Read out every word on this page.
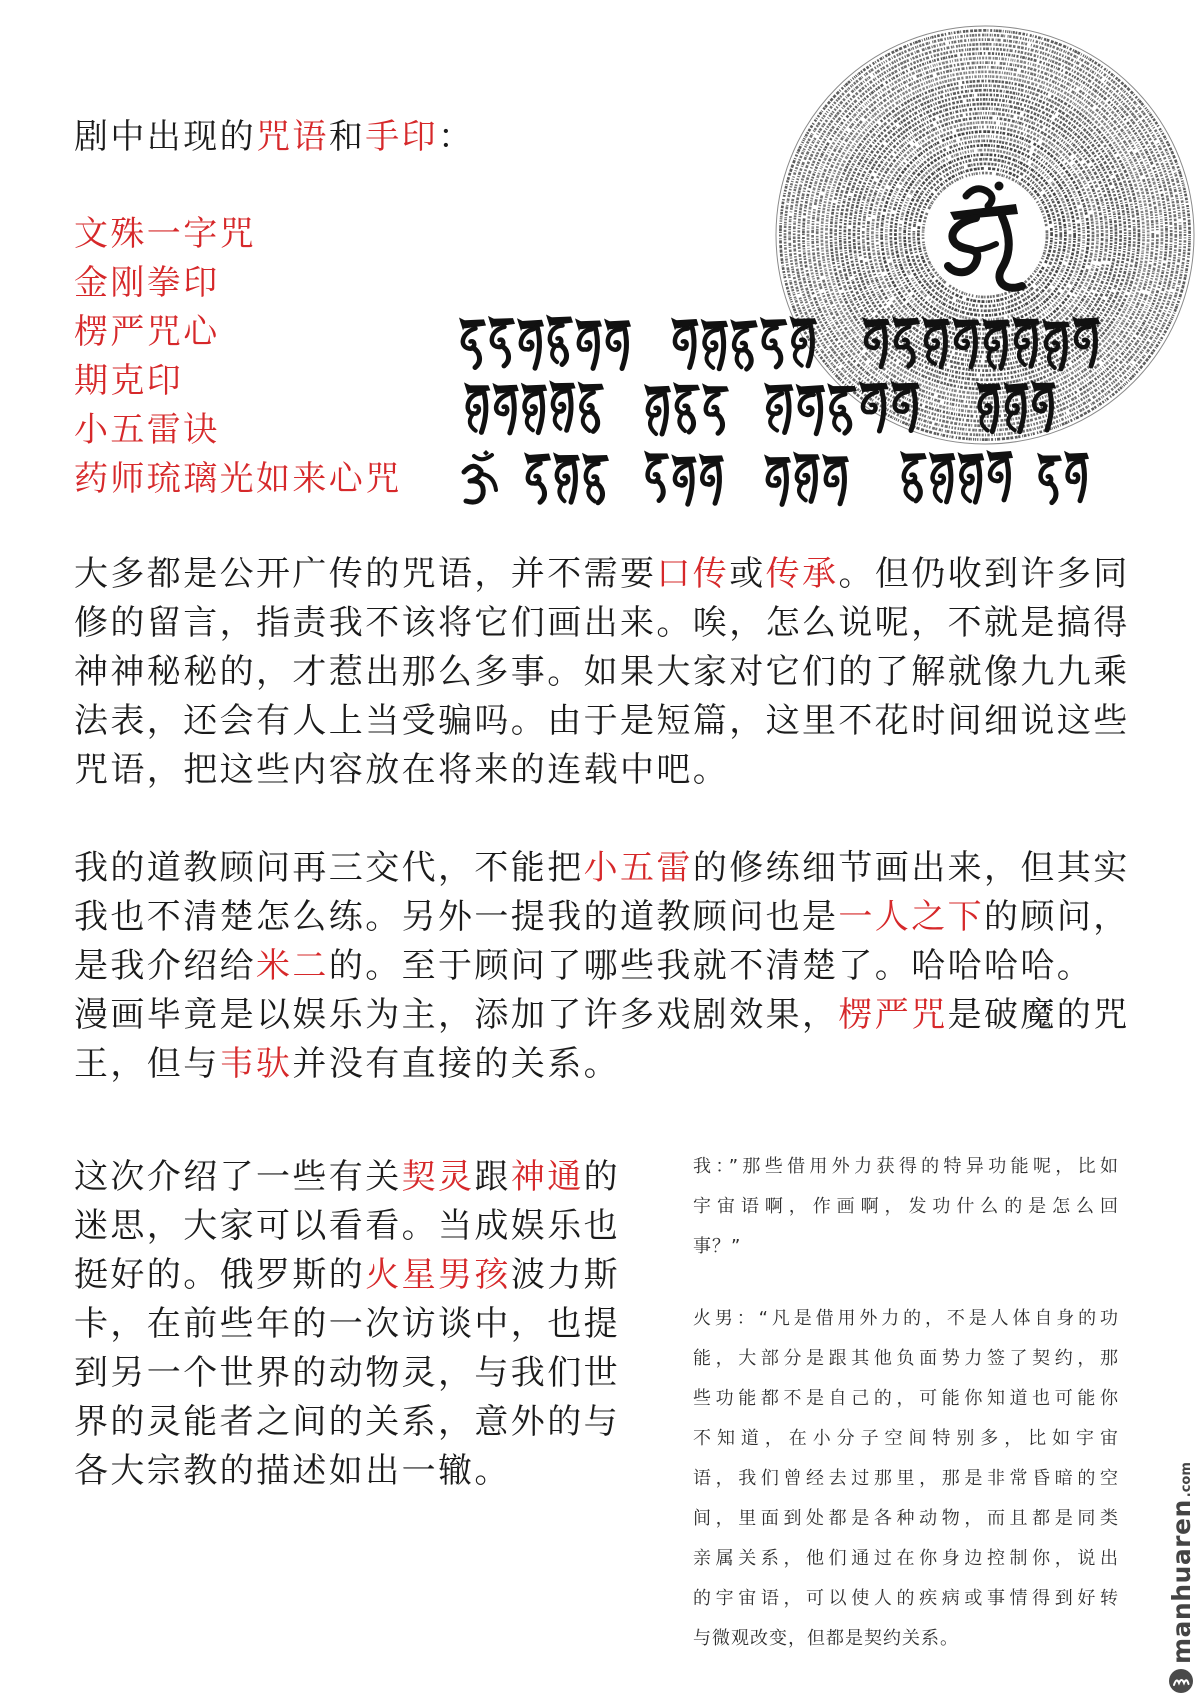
剧中出现的咒语和手印：
文殊一字咒
金刚拳印
楞严咒心
期克印
小五雷诀
药师琉璃光如来心咒
大多都是公开广传的咒语，并不需要口传或传承。但仍收到许多同
修的留言，指责我不该将它们画出来。唉，怎么说呢，不就是搞得
神神秘秘的，才惹出那么多事。如果大家对它们的了解就像九九乘
法表，还会有人上当受骗吗。由于是短篇，这里不花时间细说这些
咒语，把这些内容放在将来的连载中吧。
我的道教顾问再三交代，不能把小五雷的修练细节画出来，但其实
我也不清楚怎么练。另外一提我的道教顾问也是一人之下的顾问，
是我介绍给米二的。至于顾问了哪些我就不清楚了。哈哈哈哈。
漫画毕竟是以娱乐为主，添加了许多戏剧效果，楞严咒是破魔的咒
王，但与韦驮并没有直接的关系。
这次介绍了一些有关契灵跟神通的
迷思，大家可以看看。当成娱乐也
挺好的。俄罗斯的火星男孩波力斯
卡，在前些年的一次访谈中，也提
到另一个世界的动物灵，与我们世
界的灵能者之间的关系，意外的与
各大宗教的描述如出一辙。
我：”那些借用外力获得的特异功能呢，比如
宇宙语啊，作画啊，发功什么的是怎么回
事？”
火男：“凡是借用外力的，不是人体自身的功
能，大部分是跟其他负面势力签了契约，那
些功能都不是自己的，可能你知道也可能你
不知道，在小分子空间特别多，比如宇宙
语，我们曾经去过那里，那是非常昏暗的空
间，里面到处都是各种动物，而且都是同类
亲属关系，他们通过在你身边控制你，说出
的宇宙语，可以使人的疾病或事情得到好转
与微观改变，但都是契约关系。	manhuaren.com
